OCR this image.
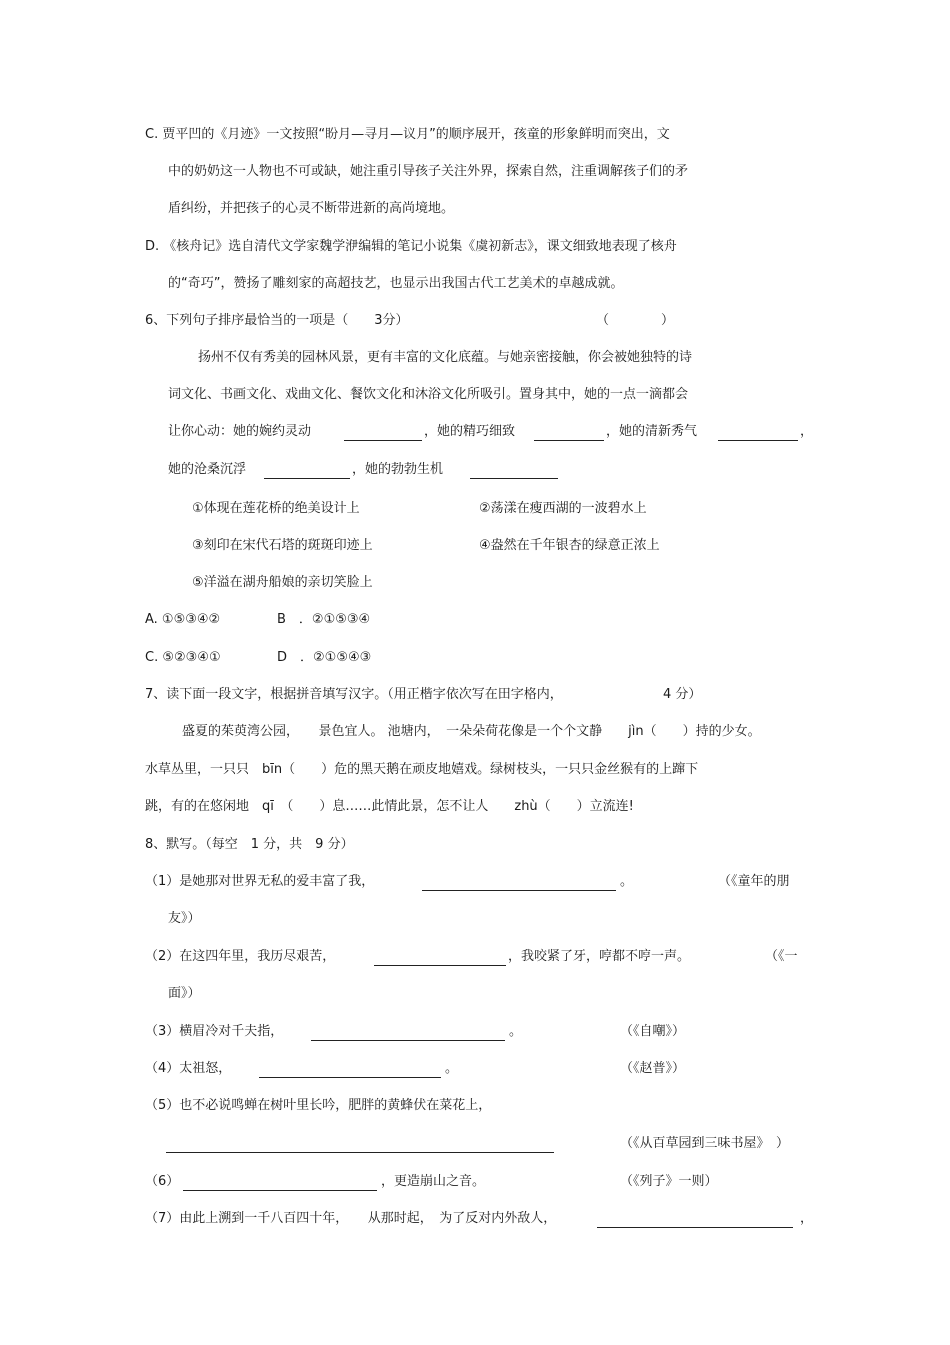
C. 贾平凹的《月迹》一文按照“盼月—寻月—议月”的顺序展开，孩童的形象鲜明而突出，文
中的奶奶这一人物也不可或缺，她注重引导孩子关注外界，探索自然，注重调解孩子们的矛
盾纠纷，并把孩子的心灵不断带进新的高尚境地。
D. 《核舟记》选自清代文学家魏学洢编辑的笔记小说集《虞初新志》，课文细致地表现了核舟
的“奇巧”，赞扬了雕刻家的高超技艺，也显示出我国古代工艺美术的卓越成就。
6、下列句子排序最恰当的一项是（　　3分）	（　　　　）
扬州不仅有秀美的园林风景，更有丰富的文化底蕴。与她亲密接触，你会被她独特的诗
词文化、书画文化、戏曲文化、餐饮文化和沐浴文化所吸引。置身其中，她的一点一滴都会
让你心动：她的婉约灵动	，她的精巧细致	，她的清新秀气	，
她的沧桑沉浮	，她的勃勃生机
①体现在莲花桥的绝美设计上	②荡漾在瘦西湖的一波碧水上
③刻印在宋代石塔的斑斑印迹上	④盎然在千年银杏的绿意正浓上
⑤洋溢在湖舟船娘的亲切笑脸上
A. ①⑤③④②	B　．②①⑤③④
C. ⑤②③④①	D　．②①⑤④③
7、读下面一段文字，根据拼音填写汉字。（用正楷字依次写在田字格内，	4 分）
盛夏的茱萸湾公园，　　景色宜人。 池塘内，　一朵朵荷花像是一个个文静　　jìn（　　）持的少女。
水草丛里，一只只　bīn（　　）危的黑天鹅在顽皮地嬉戏。绿树枝头，一只只金丝猴有的上蹿下
跳，有的在悠闲地　qī　（　　）息……此情此景，怎不让人　　zhù（　　）立流连!
8、默写。（每空　1 分，共　9 分）
（1）是她那对世界无私的爱丰富了我，	。	（《童年的朋
友》）
（2）在这四年里，我历尽艰苦，	，我咬紧了牙，哼都不哼一声。	（《一
面》）
（3）横眉冷对千夫指，	。	（《自嘲》）
（4）太祖怒，	。	（《赵普》）
（5）也不必说鸣蝉在树叶里长吟，肥胖的黄蜂伏在菜花上，
（《从百草园到三味书屋》　）
（6）	，更造崩山之音。	（《列子》一则）
（7）由此上溯到一千八百四十年，　　从那时起，　为了反对内外敌人，	，
